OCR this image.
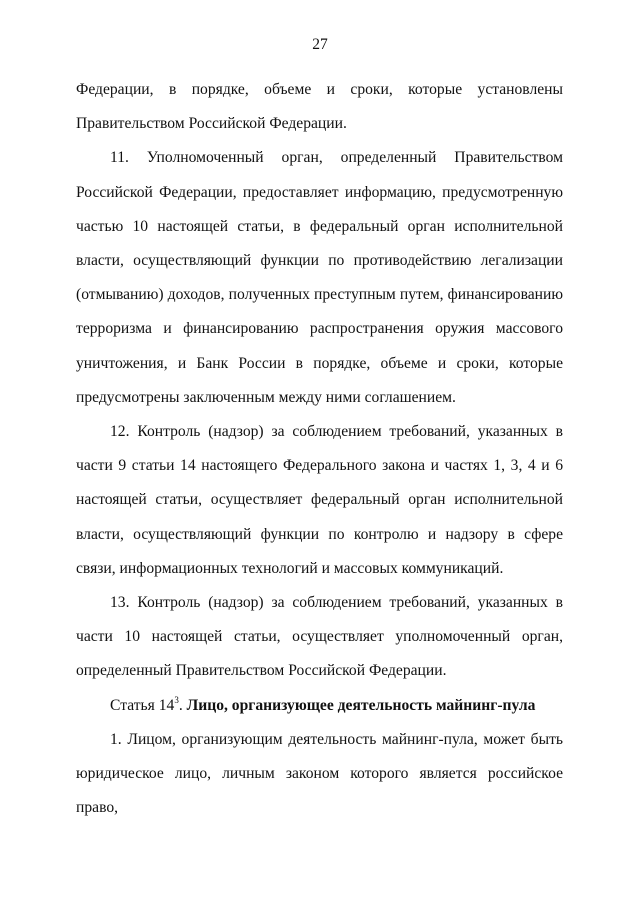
27

Федерации, в порядке, объеме и сроки, которые установлены Правительством Российской Федерации.

11. Уполномоченный орган, определенный Правительством Российской Федерации, предоставляет информацию, предусмотренную частью 10 настоящей статьи, в федеральный орган исполнительной власти, осуществляющий функции по противодействию легализации (отмыванию) доходов, полученных преступным путем, финансированию терроризма и финансированию распространения оружия массового уничтожения, и Банк России в порядке, объеме и сроки, которые предусмотрены заключенным между ними соглашением.

12. Контроль (надзор) за соблюдением требований, указанных в части 9 статьи 14 настоящего Федерального закона и частях 1, 3, 4 и 6 настоящей статьи, осуществляет федеральный орган исполнительной власти, осуществляющий функции по контролю и надзору в сфере связи, информационных технологий и массовых коммуникаций.

13. Контроль (надзор) за соблюдением требований, указанных в части 10 настоящей статьи, осуществляет уполномоченный орган, определенный Правительством Российской Федерации.

Статья $14^3$. Лицо, организующее деятельность майнинг-пула

1. Лицом, организующим деятельность майнинг-пула, может быть юридическое лицо, личным законом которого является российское право,
